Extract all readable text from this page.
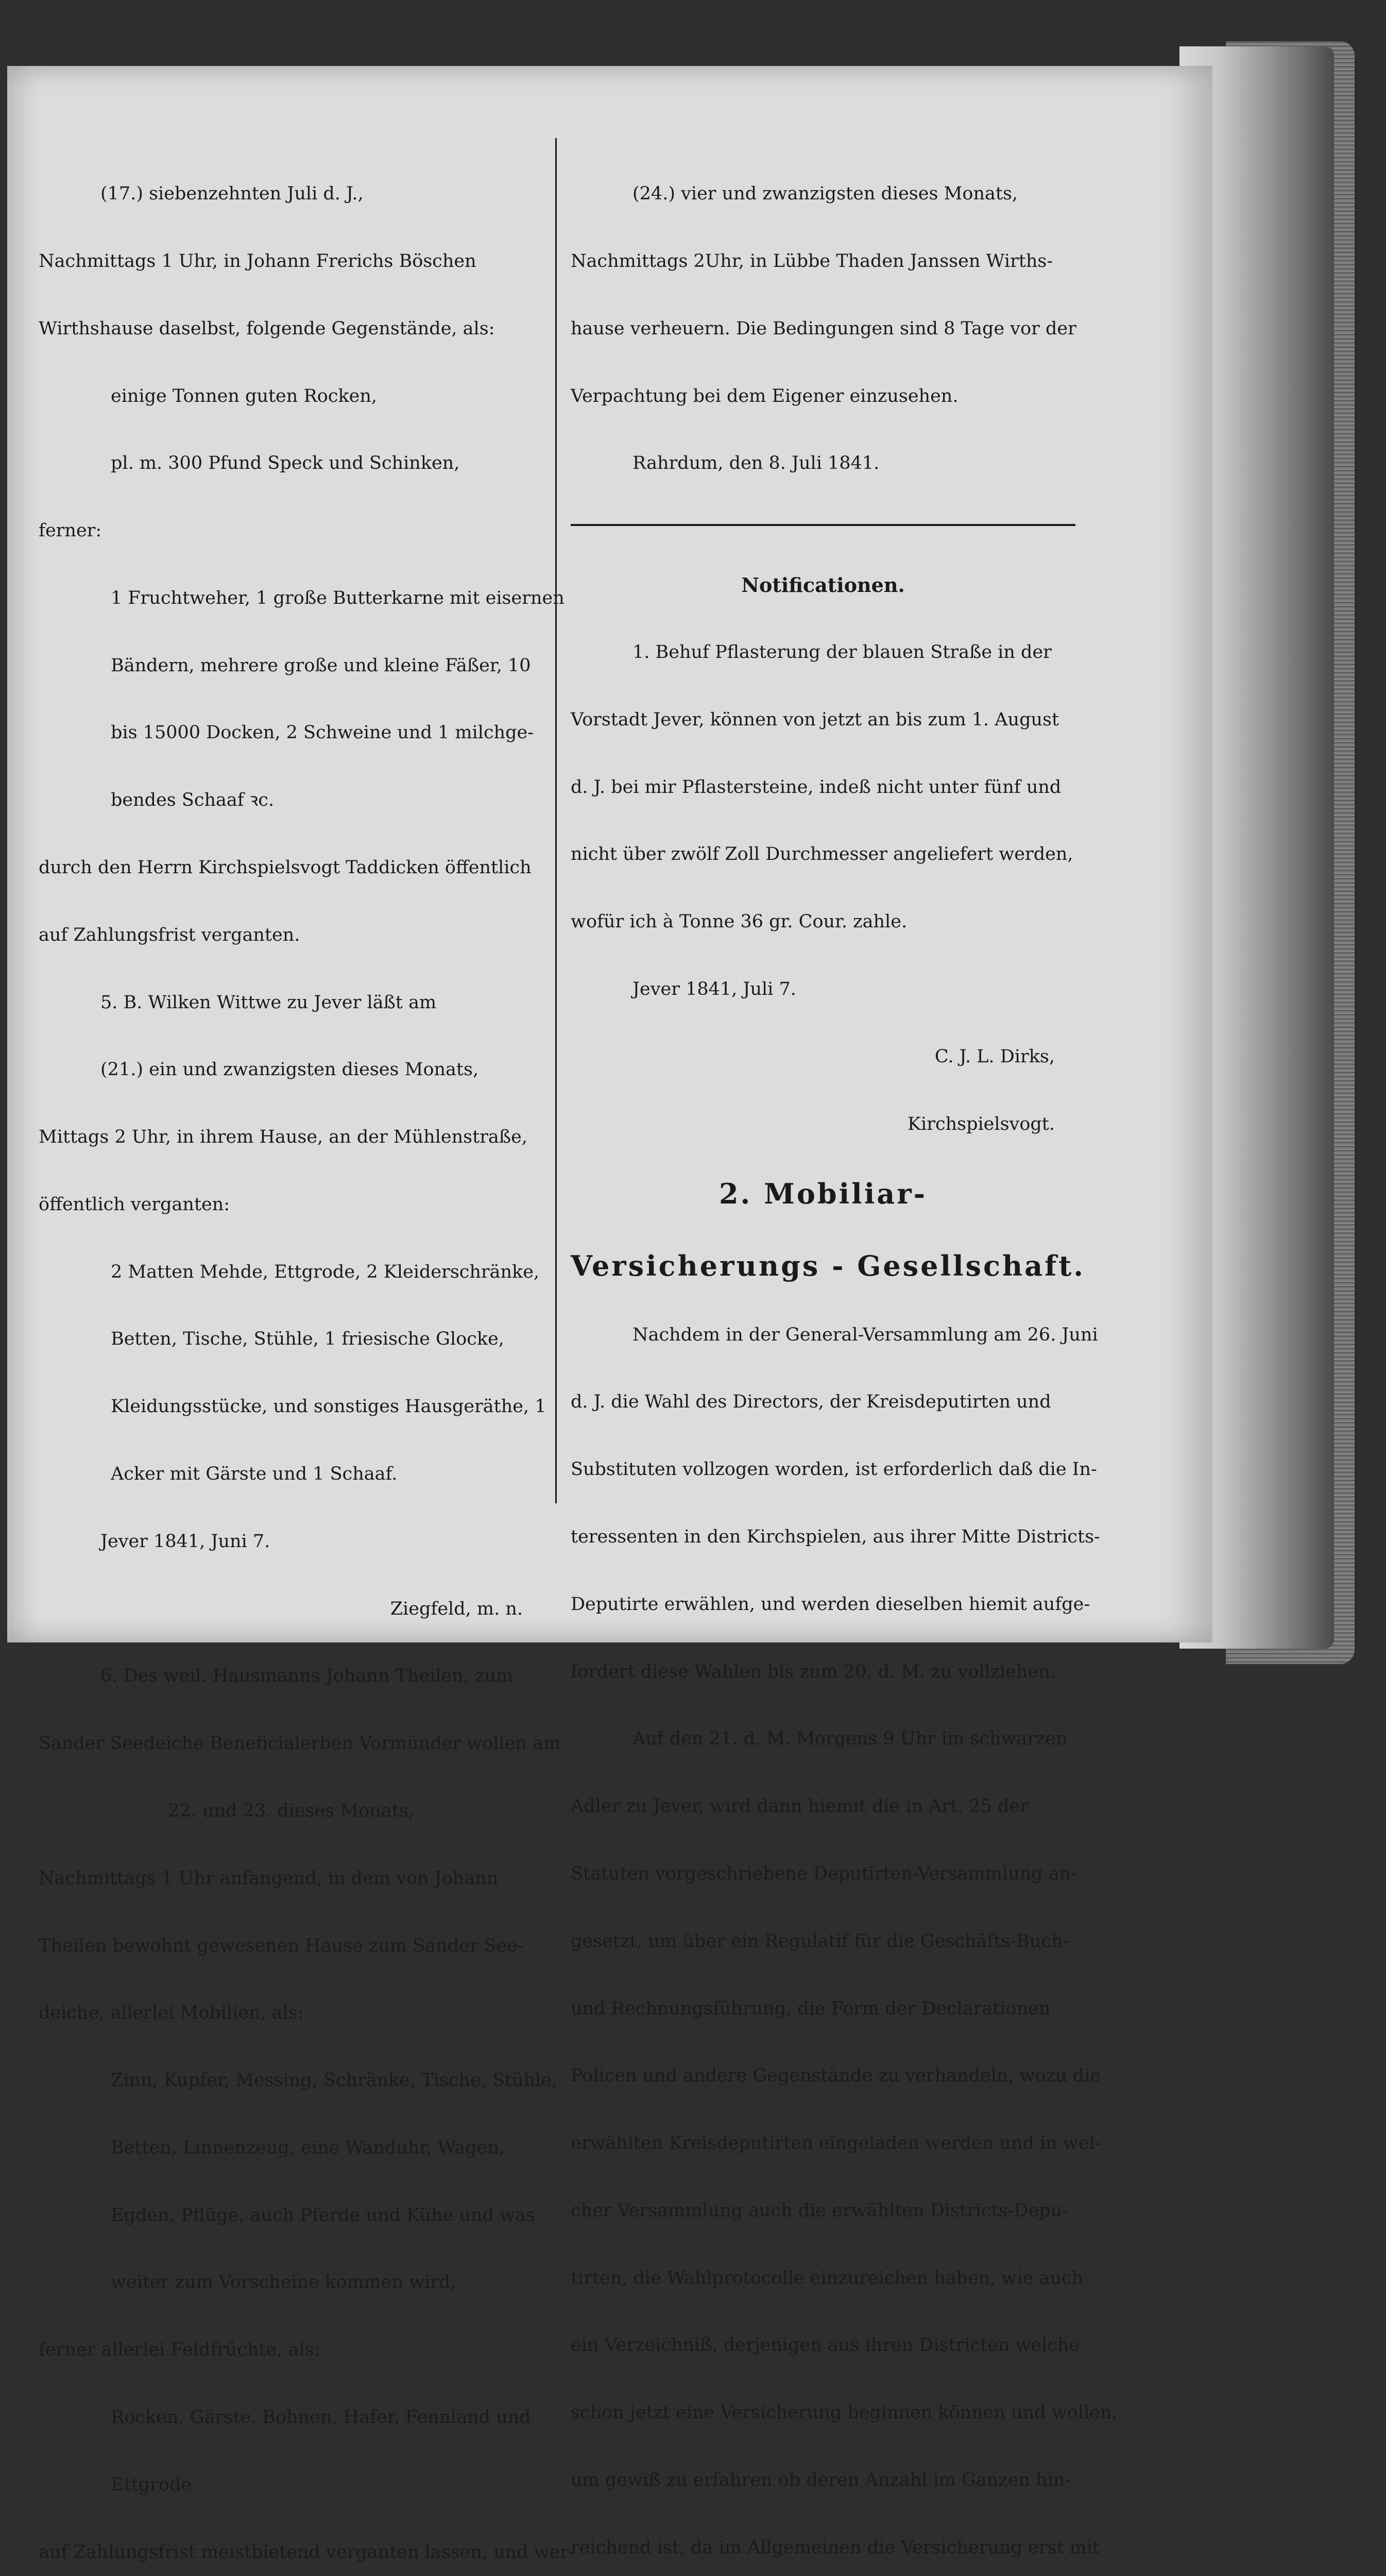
(17.) siebenzehnten Juli d. J.,

Nachmittags 1 Uhr, in Johann Frerichs Böschen

Wirthshause daselbst, folgende Gegenstände, als:

einige Tonnen guten Rocken,

pl. m. 300 Pfund Speck und Schinken,

ferner:

1 Fruchtweher, 1 große Butterkarne mit eisernen

Bändern, mehrere große und kleine Fäßer, 10

bis 15000 Docken, 2 Schweine und 1 milchge-

bendes Schaaf ꝛc.

durch den Herrn Kirchspielsvogt Taddicken öffentlich

auf Zahlungsfrist verganten.

5. B. Wilken Wittwe zu Jever läßt am

(21.) ein und zwanzigsten dieses Monats,

Mittags 2 Uhr, in ihrem Hause, an der Mühlenstraße,

öffentlich verganten:

2 Matten Mehde, Ettgrode, 2 Kleiderschränke,

Betten, Tische, Stühle, 1 friesische Glocke,

Kleidungsstücke, und sonstiges Hausgeräthe, 1

Acker mit Gärste und 1 Schaaf.

Jever 1841, Juni 7.

Ziegfeld, m. n.

6. Des weil. Hausmanns Johann Theilen, zum

Sander Seedeiche Beneficialerben Vormünder wollen am

22. und 23. dieses Monats,

Nachmittags 1 Uhr anfangend, in dem von Johann

Theilen bewohnt gewesenen Hause zum Sander See-

deiche, allerlei Mobilien, als:

Zinn, Kupfer, Messing, Schränke, Tische, Stühle,

Betten, Linnenzeug, eine Wanduhr, Wagen,

Egden, Pflüge, auch Pferde und Kühe und was

weiter zum Vorscheine kommen wird,

ferner allerlei Feldfrüchte, als:

Rocken, Gärste, Bohnen, Hafer, Fennland und

Ettgrode

auf Zahlungsfrist meistbietend verganten lassen, und wer-

(24.) vier und zwanzigsten dieses Monats,

Nachmittags 2Uhr, in Lübbe Thaden Janssen Wirths-

hause verheuern. Die Bedingungen sind 8 Tage vor der

Verpachtung bei dem Eigener einzusehen.

Rahrdum, den 8. Juli 1841.

Notificationen.

1. Behuf Pflasterung der blauen Straße in der

Vorstadt Jever, können von jetzt an bis zum 1. August

d. J. bei mir Pflastersteine, indeß nicht unter fünf und

nicht über zwölf Zoll Durchmesser angeliefert werden,

wofür ich à Tonne 36 gr. Cour. zahle.

Jever 1841, Juli 7.

C. J. L. Dirks,

Kirchspielsvogt.

2. Mobiliar-

Versicherungs - Gesellschaft.

Nachdem in der General-Versammlung am 26. Juni

d. J. die Wahl des Directors, der Kreisdeputirten und

Substituten vollzogen worden, ist erforderlich daß die In-

teressenten in den Kirchspielen, aus ihrer Mitte Districts-

Deputirte erwählen, und werden dieselben hiemit aufge-

fordert diese Wahlen bis zum 20. d. M. zu vollziehen.

Auf den 21. d. M. Morgens 9 Uhr im schwarzen

Adler zu Jever, wird dann hiemit die in Art. 25 der

Statuten vorgeschriebene Deputirten-Versammlung an-

gesetzt, um über ein Regulatif für die Geschäfts-Buch-

und Rechnungsführung, die Form der Declarationen

Policen und andere Gegenstände zu verhandeln, wozu die

erwählten Kreisdeputirten eingeladen werden und in wel-

cher Versammlung auch die erwählten Districts-Depu-

tirten, die Wahlprotocolle einzureichen haben, wie auch

ein Verzeichniß, derjenigen aus ihren Districten welche

schon jetzt eine Versicherung beginnen können und wollen,

um gewiß zu erfahren ob deren Anzahl im Ganzen hin-

reichend ist, da im Allgemeinen die Versicherung erst mit
